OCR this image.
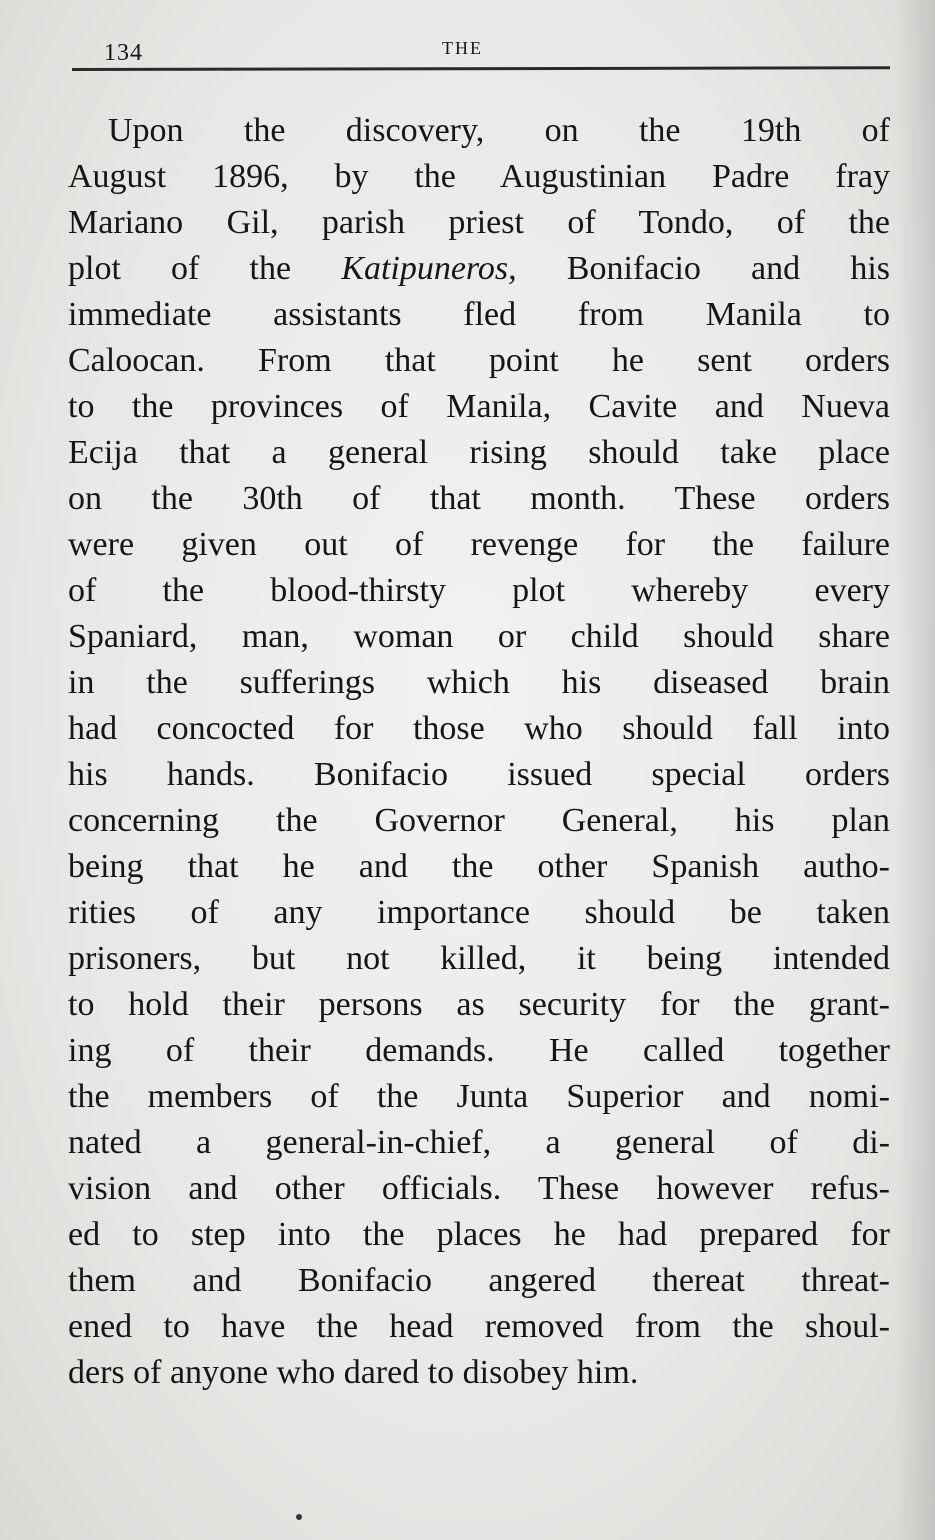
134	THE
Upon the discovery, on the 19th of
August 1896, by the Augustinian Padre fray
Mariano Gil, parish priest of Tondo, of the
plot of the Katipuneros, Bonifacio and his
immediate assistants fled from Manila to
Caloocan. From that point he sent orders
to the provinces of Manila, Cavite and Nueva
Ecija that a general rising should take place
on the 30th of that month. These orders
were given out of revenge for the failure
of the blood-thirsty plot whereby every
Spaniard, man, woman or child should share
in the sufferings which his diseased brain
had concocted for those who should fall into
his hands. Bonifacio issued special orders
concerning the Governor General, his plan
being that he and the other Spanish autho-
rities of any importance should be taken
prisoners, but not killed, it being intended
to hold their persons as security for the grant-
ing of their demands. He called together
the members of the Junta Superior and nomi-
nated a general-in-chief, a general of di-
vision and other officials. These however refus-
ed to step into the places he had prepared for
them and Bonifacio angered thereat threat-
ened to have the head removed from the shoul-
ders of anyone who dared to disobey him.
